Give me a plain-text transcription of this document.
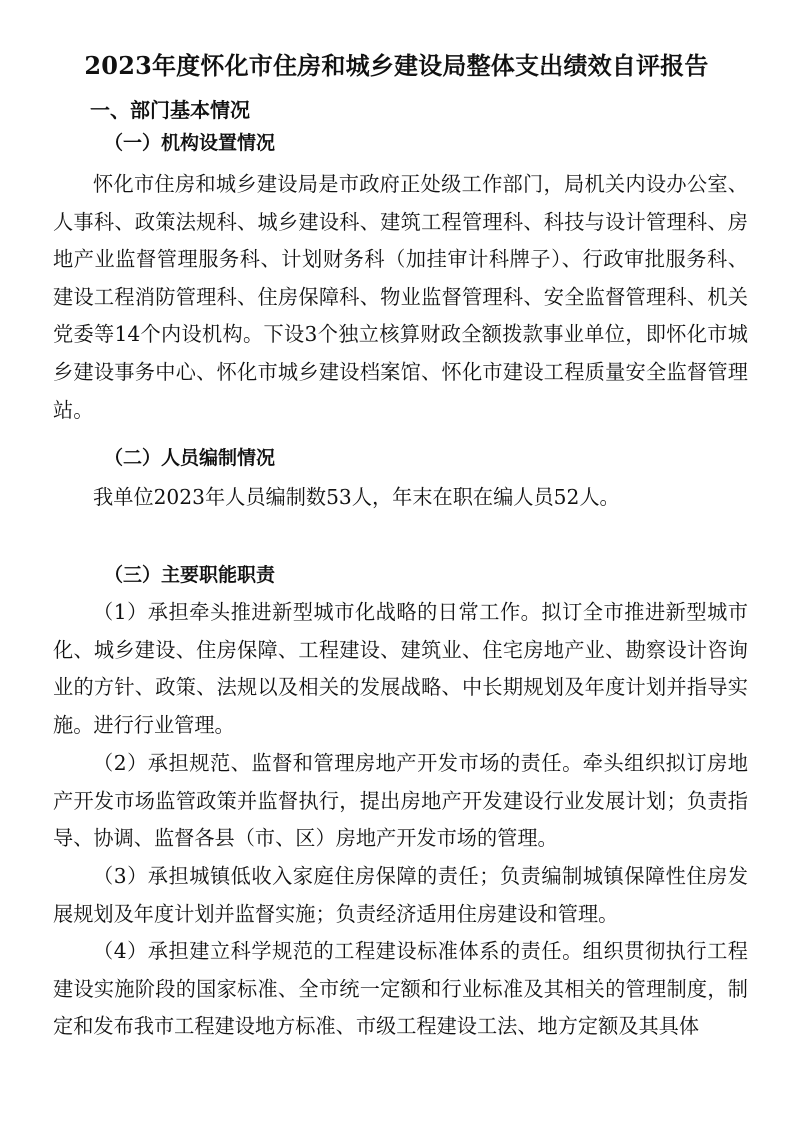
2023年度怀化市住房和城乡建设局整体支出绩效自评报告
一、部门基本情况
（一）机构设置情况

怀化市住房和城乡建设局是市政府正处级工作部门，局机关内设办公室、人事科、政策法规科、城乡建设科、建筑工程管理科、科技与设计管理科、房地产业监督管理服务科、计划财务科（加挂审计科牌子）、行政审批服务科、建设工程消防管理科、住房保障科、物业监督管理科、安全监督管理科、机关党委等14个内设机构。下设3个独立核算财政全额拨款事业单位，即怀化市城乡建设事务中心、怀化市城乡建设档案馆、怀化市建设工程质量安全监督管理站。

（二）人员编制情况

我单位2023年人员编制数53人，年末在职在编人员52人。

（三）主要职能职责

（1）承担牵头推进新型城市化战略的日常工作。拟订全市推进新型城市化、城乡建设、住房保障、工程建设、建筑业、住宅房地产业、勘察设计咨询业的方针、政策、法规以及相关的发展战略、中长期规划及年度计划并指导实施。进行行业管理。

（2）承担规范、监督和管理房地产开发市场的责任。牵头组织拟订房地产开发市场监管政策并监督执行，提出房地产开发建设行业发展计划；负责指导、协调、监督各县（市、区）房地产开发市场的管理。

（3）承担城镇低收入家庭住房保障的责任；负责编制城镇保障性住房发展规划及年度计划并监督实施；负责经济适用住房建设和管理。

（4）承担建立科学规范的工程建设标准体系的责任。组织贯彻执行工程建设实施阶段的国家标准、全市统一定额和行业标准及其相关的管理制度，制定和发布我市工程建设地方标准、市级工程建设工法、地方定额及其具体
